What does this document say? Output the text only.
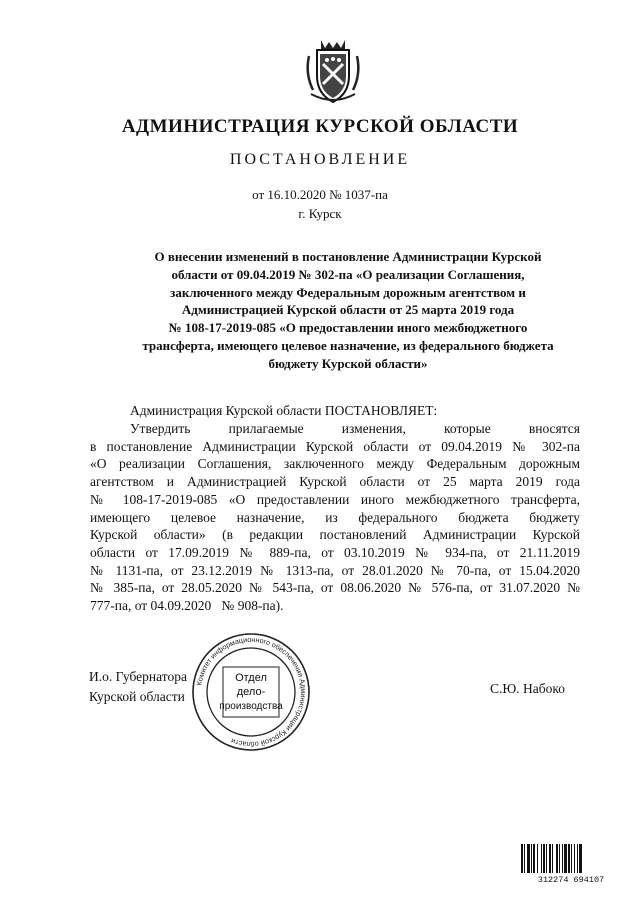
АДМИНИСТРАЦИЯ КУРСКОЙ ОБЛАСТИ
ПОСТАНОВЛЕНИЕ
от 16.10.2020 № 1037-па
г. Курск
О внесении изменений в постановление Администрации Курской
области от 09.04.2019 № 302-па «О реализации Соглашения,
заключенного между Федеральным дорожным агентством и
Администрацией Курской области от 25 марта 2019 года
№ 108-17-2019-085 «О предоставлении иного межбюджетного
трансферта, имеющего целевое назначение, из федерального бюджета
бюджету Курской области»
Администрация Курской области ПОСТАНОВЛЯЕТ:
Утвердить прилагаемые изменения, которые вносятся
в постановление Администрации Курской области от 09.04.2019 № 302-па
«О реализации Соглашения, заключенного между Федеральным дорожным
агентством и Администрацией Курской области от 25 марта 2019 года
№ 108-17-2019-085 «О предоставлении иного межбюджетного трансферта,
имеющего целевое назначение, из федерального бюджета бюджету
Курской области» (в редакции постановлений Администрации Курской
области от 17.09.2019 № 889-па, от 03.10.2019 № 934-па, от 21.11.2019
№ 1131-па, от 23.12.2019 № 1313-па, от 28.01.2020 № 70-па, от 15.04.2020
№ 385-па, от 28.05.2020 № 543-па, от 08.06.2020 № 576-па, от 31.07.2020 №
777-па, от 04.09.2020   № 908-па).
И.о. Губернатора
Курской области
С.Ю. Набоко
Комитет информационного обеспечения Администрации Курской области
Отдел
дело-
производства
312274 694107
